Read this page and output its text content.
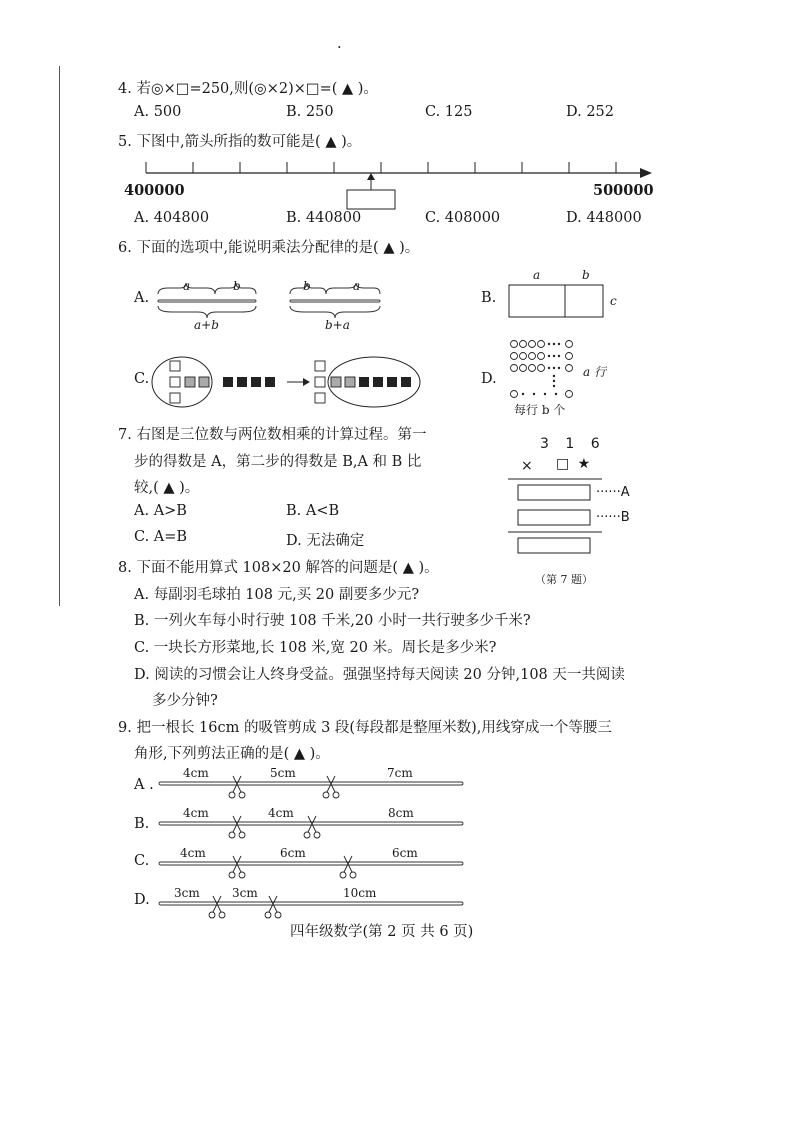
.
4. 若◎×□=250,则(◎×2)×□=( ▲ )。
A. 500	B. 250	C. 125	D. 252
5. 下图中,箭头所指的数可能是( ▲ )。
400000	500000
A. 404800	B. 440800	C. 408000	D. 448000
6. 下面的选项中,能说明乘法分配律的是( ▲ )。
A.
a	b	b	a
a+b	b+a
B.
a	b
c
C.	D.	a 行
每行 b 个
7. 右图是三位数与两位数相乘的计算过程。第一
步的得数是 A，第二步的得数是 B,A 和 B 比
较,( ▲ )。
A. A>B	B. A<B
C. A=B	D. 无法确定
3 1 6
× □ ★
······A
······B
（第 7 题）
8. 下面不能用算式 108×20 解答的问题是( ▲ )。
A. 每副羽毛球拍 108 元,买 20 副要多少元?
B. 一列火车每小时行驶 108 千米,20 小时一共行驶多少千米?
C. 一块长方形菜地,长 108 米,宽 20 米。周长是多少米?
D. 阅读的习惯会让人终身受益。强强坚持每天阅读 20 分钟,108 天一共阅读
多少分钟?
9. 把一根长 16cm 的吸管剪成 3 段(每段都是整厘米数),用线穿成一个等腰三
角形,下列剪法正确的是( ▲ )。
A .
4cm	5cm	7cm
B.
4cm	4cm	8cm
C.	4cm	6cm	6cm
D. 3cm	3cm	10cm
四年级数学(第 2 页 共 6 页)
